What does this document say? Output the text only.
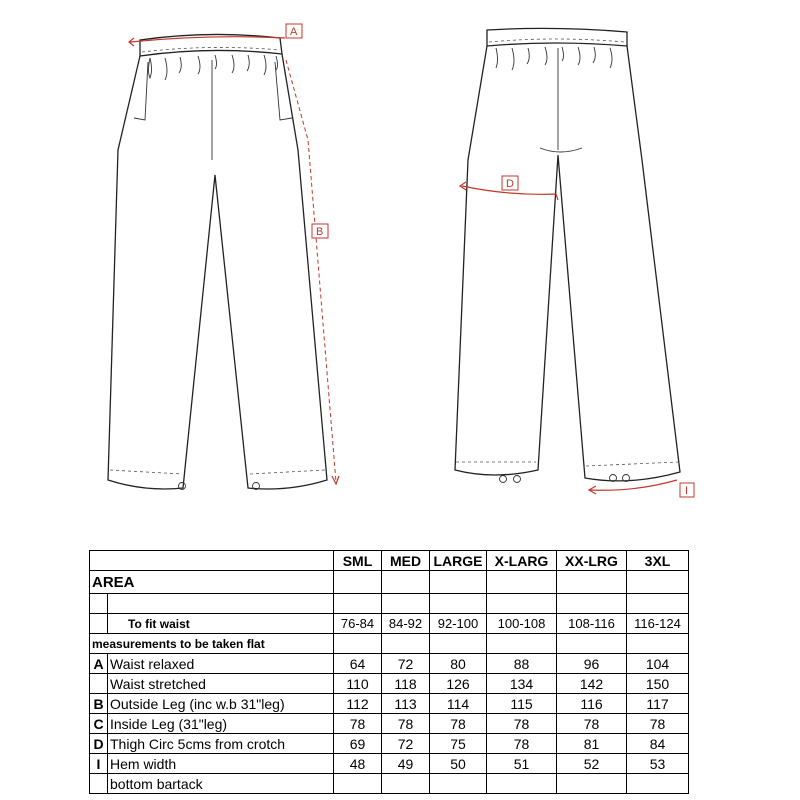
A
B
D
I
		SML	MED	LARGE	X-LARG	XX-LRG	3XL
AREA							

	To fit waist	76-84	84-92	92-100	100-108	108-116	116-124
measurements to be taken flat							
A	Waist relaxed	64	72	80	88	96	104
	Waist stretched	110	118	126	134	142	150
B	Outside Leg (inc w.b 31"leg)	112	113	114	115	116	117
C	Inside Leg (31"leg)	78	78	78	78	78	78
D	Thigh Circ 5cms from crotch	69	72	75	78	81	84
I	Hem width	48	49	50	51	52	53
	bottom bartack						
